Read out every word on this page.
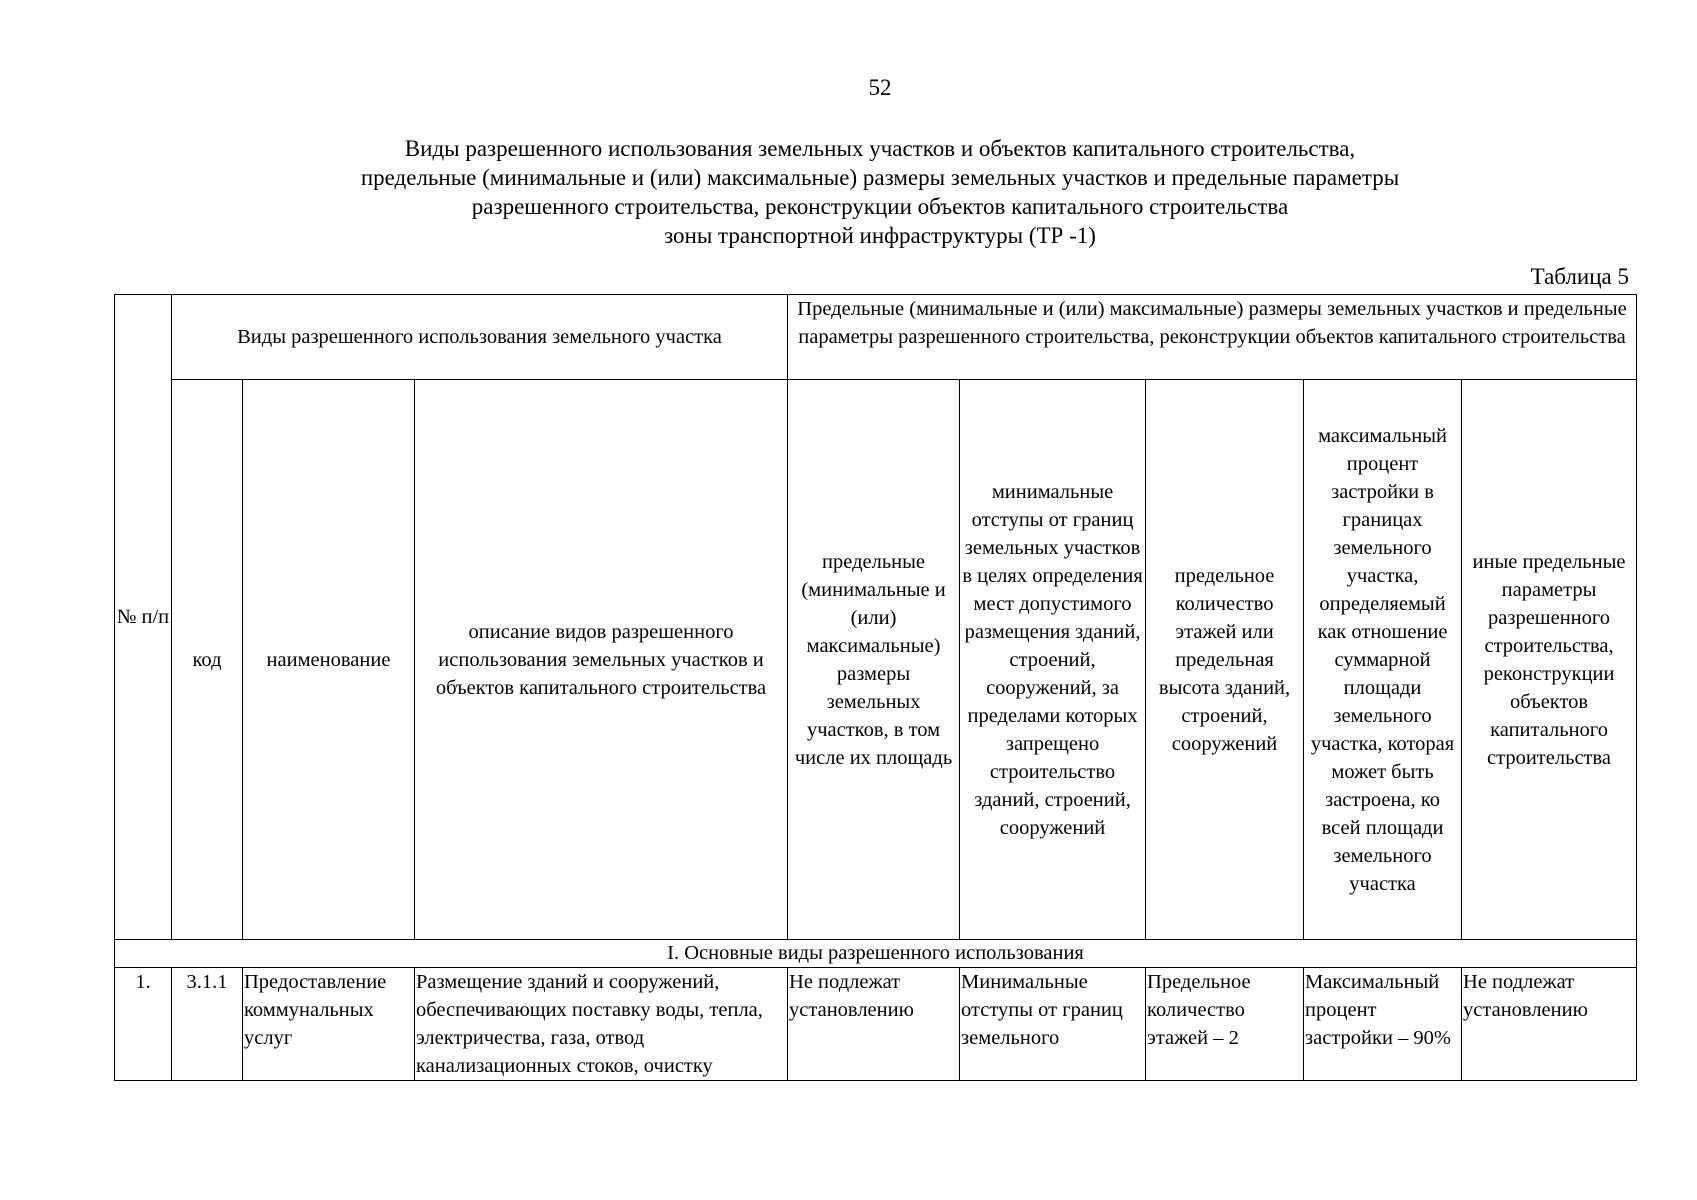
52
Виды разрешенного использования земельных участков и объектов капитального строительства,
предельные (минимальные и (или) максимальные) размеры земельных участков и предельные параметры
разрешенного строительства, реконструкции объектов капитального строительства
зоны транспортной инфраструктуры (ТР -1)
Таблица 5
№ п/п	Виды разрешенного использования земельного участка			Предельные (минимальные и (или) максимальные) размеры земельных участков и предельные параметры разрешенного строительства, реконструкции объектов капитального строительства				
	код	наименование	описание видов разрешенного использования земельных участков и объектов капитального строительства	предельные (минимальные и (или) максимальные) размеры земельных участков, в том числе их площадь	минимальные отступы от границ земельных участков в целях определения мест допустимого размещения зданий, строений, сооружений, за пределами которых запрещено строительство зданий, строений, сооружений	предельное количество этажей или предельная высота зданий, строений, сооружений	максимальный процент застройки в границах земельного участка, определяемый как отношение суммарной площади земельного участка, которая может быть застроена, ко всей площади земельного участка	иные предельные параметры разрешенного строительства, реконструкции объектов капитального строительства
I. Основные виды разрешенного использования								
1.	3.1.1	Предоставление коммунальных услуг	Размещение зданий и сооружений, обеспечивающих поставку воды, тепла, электричества, газа, отвод канализационных стоков, очистку	Не подлежат установлению	Минимальные отступы от границ земельного	Предельное количество этажей – 2	Максимальный процент застройки – 90%	Не подлежат установлению
